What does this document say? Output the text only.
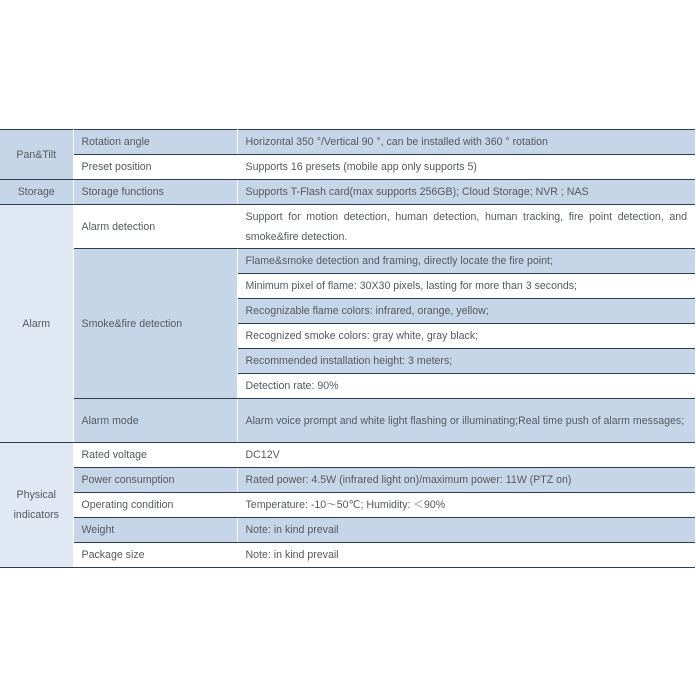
Pan&Tilt	Rotation angle	Horizontal 350 °/Vertical 90 °, can be installed with 360 ° rotation
	Preset position	Supports 16 presets (mobile app only supports 5)
Storage	Storage functions	Supports T-Flash card(max supports 256GB); Cloud Storage; NVR ; NAS
Alarm	Alarm detection	Support for motion detection, human detection, human tracking, fire point detection, and smoke&fire detection.
	Smoke&fire detection	Flame&smoke detection and framing, directly locate the fire point;
		Minimum pixel of flame: 30X30 pixels, lasting for more than 3 seconds;
		Recognizable flame colors: infrared, orange, yellow;
		Recognized smoke colors: gray white, gray black;
		Recommended installation height: 3 meters;
		Detection rate: 90%
	Alarm mode	Alarm voice prompt and white light flashing or illuminating;Real time push of alarm messages;
Physical indicators	Rated voltage	DC12V
	Power consumption	Rated power: 4.5W (infrared light on)/maximum power: 11W (PTZ on)
	Operating condition	Temperature: -10～50℃; Humidity: ＜90%
	Weight	Note: in kind prevail
	Package size	Note: in kind prevail
